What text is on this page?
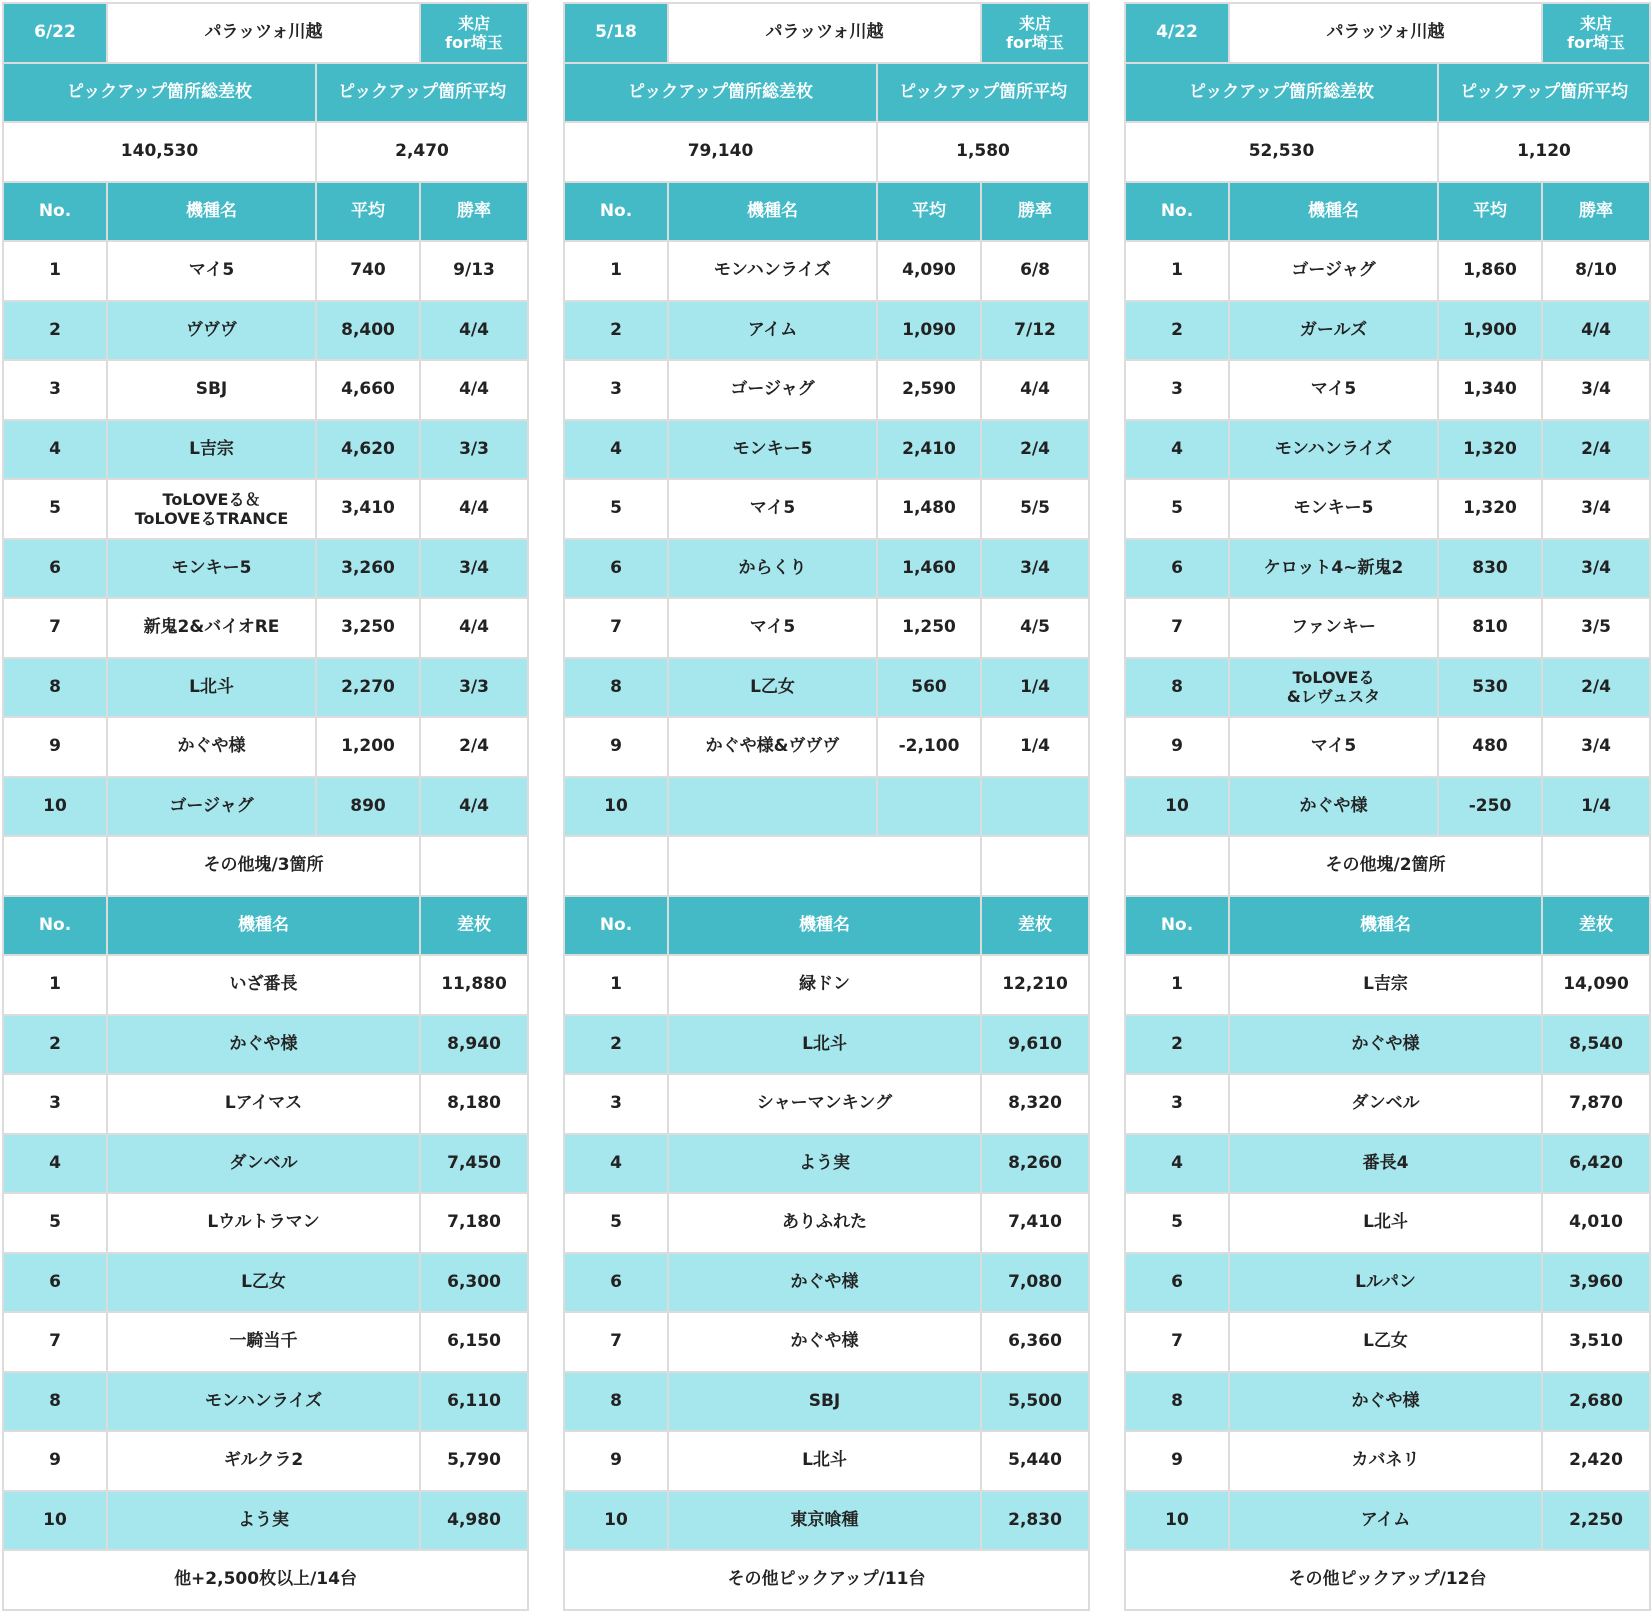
6/22	パラッツォ川越		来店
for埼玉

ピックアップ箇所総差枚		ピックアップ箇所平均	
140,530		2,470	
No.	機種名	平均	勝率
1	マイ5	740	9/13
2	ヴヴヴ	8,400	4/4
3	SBJ	4,660	4/4
4	L吉宗	4,620	3/3
5	ToLOVEる＆
ToLOVEるTRANCE	3,410	4/4
6	モンキー5	3,260	3/4
7	新鬼2&バイオRE	3,250	4/4
8	L北斗	2,270	3/3
9	かぐや様	1,200	2/4
10	ゴージャグ	890	4/4
	その他塊/3箇所		
No.	機種名		差枚
1	いざ番長		11,880
2	かぐや様		8,940
3	Lアイマス		8,180
4	ダンベル		7,450
5	Lウルトラマン		7,180
6	L乙女		6,300
7	一騎当千		6,150
8	モンハンライズ		6,110
9	ギルクラ2		5,790
10	よう実		4,980
他+2,500枚以上/14台			
5/18	パラッツォ川越		来店
for埼玉

ピックアップ箇所総差枚		ピックアップ箇所平均	
79,140		1,580	
No.	機種名	平均	勝率
1	モンハンライズ	4,090	6/8
2	アイム	1,090	7/12
3	ゴージャグ	2,590	4/4
4	モンキー5	2,410	2/4
5	マイ5	1,480	5/5
6	からくり	1,460	3/4
7	マイ5	1,250	4/5
8	L乙女	560	1/4
9	かぐや様&ヴヴヴ	-2,100	1/4
10	

No.	機種名		差枚
1	緑ドン		12,210
2	L北斗		9,610
3	シャーマンキング		8,320
4	よう実		8,260
5	ありふれた		7,410
6	かぐや様		7,080
7	かぐや様		6,360
8	SBJ		5,500
9	L北斗		5,440
10	東京喰種		2,830
その他ピックアップ/11台			
4/22	パラッツォ川越		来店
for埼玉

ピックアップ箇所総差枚		ピックアップ箇所平均	
52,530		1,120	
No.	機種名	平均	勝率
1	ゴージャグ	1,860	8/10
2	ガールズ	1,900	4/4
3	マイ5	1,340	3/4
4	モンハンライズ	1,320	2/4
5	モンキー5	1,320	3/4
6	ケロット4~新鬼2	830	3/4
7	ファンキー	810	3/5
8	ToLOVEる
&レヴュスタ	530	2/4
9	マイ5	480	3/4
10	かぐや様	-250	1/4
	その他塊/2箇所		
No.	機種名		差枚
1	L吉宗		14,090
2	かぐや様		8,540
3	ダンベル		7,870
4	番長4		6,420
5	L北斗		4,010
6	Lルパン		3,960
7	L乙女		3,510
8	かぐや様		2,680
9	カバネリ		2,420
10	アイム		2,250
その他ピックアップ/12台			
